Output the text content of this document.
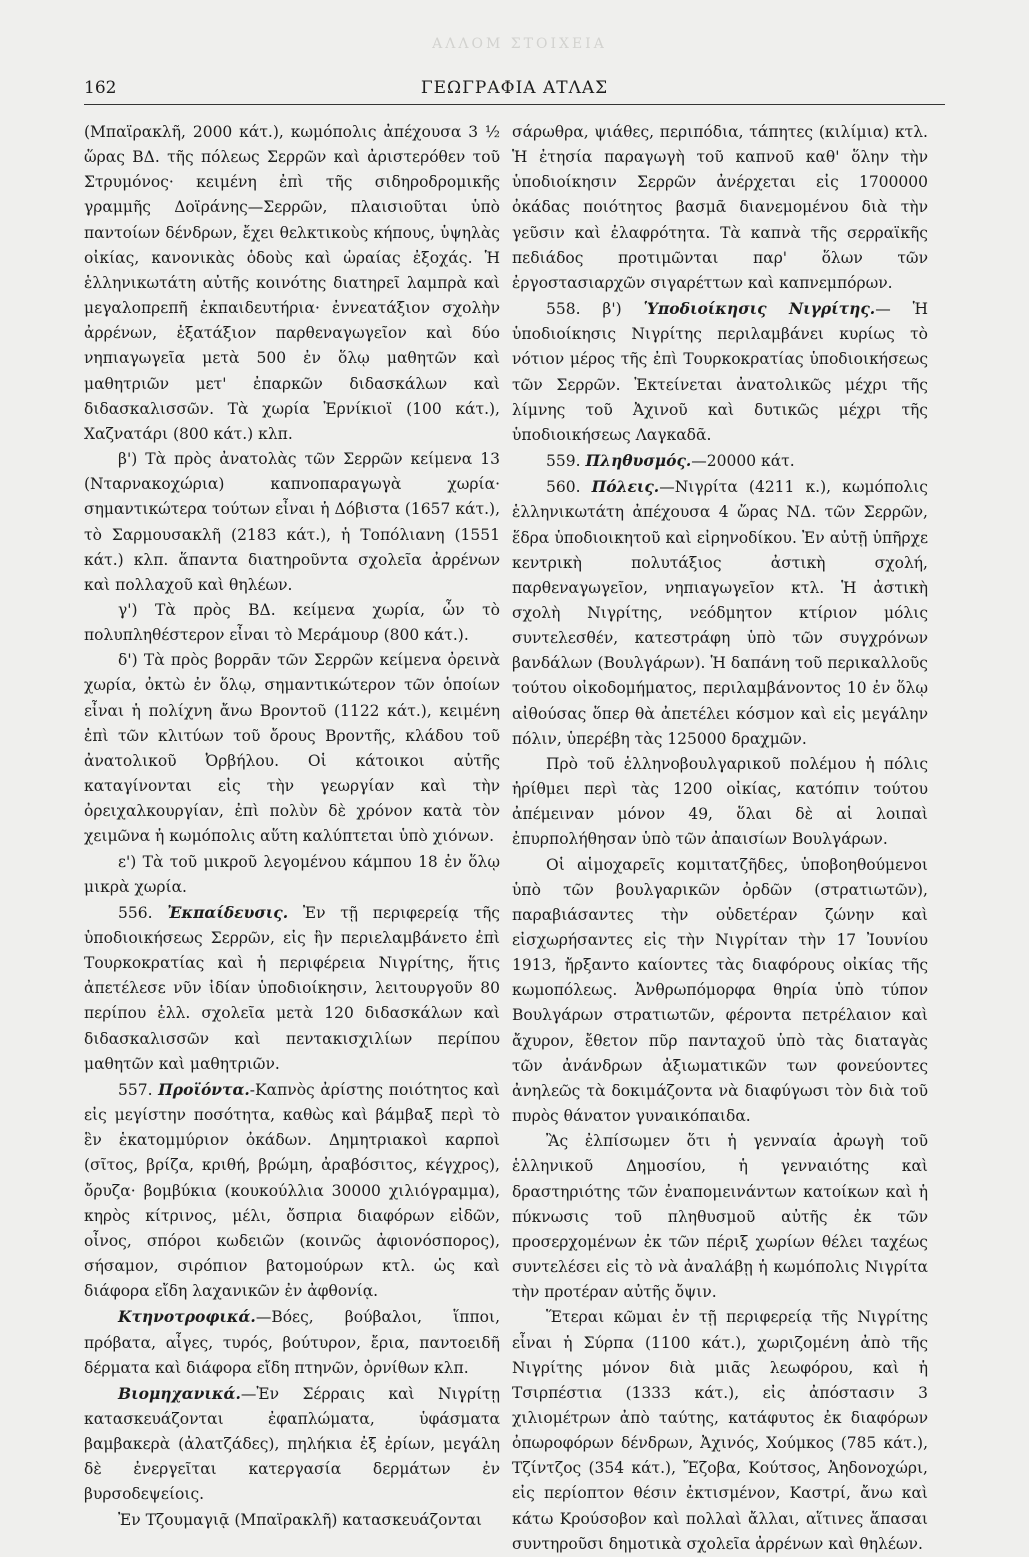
ΑΛΛΟΜ ΣΤΟΙΧΕΙΑ
162	ΓΕΩΓΡΑΦΙΑ ΑΤΛΑΣ

(Μπαϊρακλῆ, 2000 κάτ.), κωμόπολις ἀπέχουσα 3 ½ ὥρας ΒΔ. τῆς πόλεως Σερρῶν καὶ ἀριστερόθεν τοῦ Στρυμόνος· κειμένη ἐπὶ τῆς σιδηροδρομικῆς γραμμῆς Δοϊράνης—Σερρῶν, πλαισιοῦται ὑπὸ παντοίων δένδρων, ἔχει θελκτικοὺς κήπους, ὑψηλὰς οἰκίας, κανονικὰς ὁδοὺς καὶ ὡραίας ἐξοχάς. Ἡ ἑλληνικωτάτη αὐτῆς κοινότης διατηρεῖ λαμπρὰ καὶ μεγαλοπρεπῆ ἐκπαιδευτήρια· ἐννεατάξιον σχολὴν ἀρρένων, ἑξατάξιον παρθεναγωγεῖον καὶ δύο νηπιαγωγεῖα μετὰ 500 ἐν ὅλῳ μαθητῶν καὶ μαθητριῶν μετ' ἐπαρκῶν διδασκάλων καὶ διδασκαλισσῶν. Τὰ χωρία Ἐρνίκιοϊ (100 κάτ.), Χαζνατάρι (800 κάτ.) κλπ.

β') Τὰ πρὸς ἀνατολὰς τῶν Σερρῶν κείμενα 13 (Νταρνακοχώρια) καπνοπαραγωγὰ χωρία· σημαντικώτερα τούτων εἶναι ἡ Δόβιστα (1657 κάτ.), τὸ Σαρμουσακλῆ (2183 κάτ.), ἡ Τοπόλιανη (1551 κάτ.) κλπ. ἅπαντα διατηροῦντα σχολεῖα ἀρρένων καὶ πολλαχοῦ καὶ θηλέων.

γ') Τὰ πρὸς ΒΔ. κείμενα χωρία, ὧν τὸ πολυπληθέστερον εἶναι τὸ Μεράμουρ (800 κάτ.).

δ') Τὰ πρὸς βορρᾶν τῶν Σερρῶν κείμενα ὀρεινὰ χωρία, ὀκτὼ ἐν ὅλῳ, σημαντικώτερον τῶν ὁποίων εἶναι ἡ πολίχνη ἄνω Βροντοῦ (1122 κάτ.), κειμένη ἐπὶ τῶν κλιτύων τοῦ ὄρους Βροντῆς, κλάδου τοῦ ἀνατολικοῦ Ὀρβήλου. Οἱ κάτοικοι αὐτῆς καταγίνονται εἰς τὴν γεωργίαν καὶ τὴν ὀρειχαλκουργίαν, ἐπὶ πολὺν δὲ χρόνον κατὰ τὸν χειμῶνα ἡ κωμόπολις αὕτη καλύπτεται ὑπὸ χιόνων.

ε') Τὰ τοῦ μικροῦ λεγομένου κάμπου 18 ἐν ὅλῳ μικρὰ χωρία.

556. Ἐκπαίδευσις. Ἐν τῇ περιφερείᾳ τῆς ὑποδιοικήσεως Σερρῶν, εἰς ἣν περιελαμβάνετο ἐπὶ Τουρκοκρατίας καὶ ἡ περιφέρεια Νιγρίτης, ἥτις ἀπετέλεσε νῦν ἰδίαν ὑποδιοίκησιν, λειτουργοῦν 80 περίπου ἑλλ. σχολεῖα μετὰ 120 διδασκάλων καὶ διδασκαλισσῶν καὶ πεντακισχιλίων περίπου μαθητῶν καὶ μαθητριῶν.

557. Προϊόντα.-Καπνὸς ἀρίστης ποιότητος καὶ εἰς μεγίστην ποσότητα, καθὼς καὶ βάμβαξ περὶ τὸ ἓν ἑκατομμύριον ὀκάδων. Δημητριακοὶ καρποὶ (σῖτος, βρίζα, κριθή, βρώμη, ἀραβόσιτος, κέγχρος), ὄρυζα· βομβύκια (κουκούλλια 30000 χιλιόγραμμα), κηρὸς κίτρινος, μέλι, ὄσπρια διαφόρων εἰδῶν, οἶνος, σπόροι κωδειῶν (κοινῶς ἀφιονόσπορος), σήσαμον, σιρόπιον βατομούρων κτλ. ὡς καὶ διάφορα εἴδη λαχανικῶν ἐν ἀφθονίᾳ.

Κτηνοτροφικά.—Βόες, βούβαλοι, ἵπποι, πρόβατα, αἶγες, τυρός, βούτυρον, ἔρια, παντοειδῆ δέρματα καὶ διάφορα εἴδη πτηνῶν, ὀρνίθων κλπ.

Βιομηχανικά.—Ἐν Σέρραις καὶ Νιγρίτῃ κατασκευάζονται ἐφαπλώματα, ὑφάσματα βαμβακερὰ (ἀλατζάδες), πηλήκια ἐξ ἐρίων, μεγάλη δὲ ἐνεργεῖται κατεργασία δερμάτων ἐν βυρσοδεψείοις.

Ἐν Τζουμαγιᾷ (Μπαϊρακλῆ) κατασκευάζονται

σάρωθρα, ψιάθες, περιπόδια, τάπητες (κιλίμια) κτλ. Ἡ ἐτησία παραγωγὴ τοῦ καπνοῦ καθ' ὅλην τὴν ὑποδιοίκησιν Σερρῶν ἀνέρχεται εἰς 1700000 ὀκάδας ποιότητος βασμᾶ διανεμομένου διὰ τὴν γεῦσιν καὶ ἐλαφρότητα. Τὰ καπνὰ τῆς σερραϊκῆς πεδιάδος προτιμῶνται παρ' ὅλων τῶν ἐργοστασιαρχῶν σιγαρέττων καὶ καπνεμπόρων.

558. β') Ὑποδιοίκησις Νιγρίτης.— Ἡ ὑποδιοίκησις Νιγρίτης περιλαμβάνει κυρίως τὸ νότιον μέρος τῆς ἐπὶ Τουρκοκρατίας ὑποδιοικήσεως τῶν Σερρῶν. Ἐκτείνεται ἀνατολικῶς μέχρι τῆς λίμνης τοῦ Ἀχινοῦ καὶ δυτικῶς μέχρι τῆς ὑποδιοικήσεως Λαγκαδᾶ.

559. Πληθυσμός.—20000 κάτ.

560. Πόλεις.—Νιγρίτα (4211 κ.), κωμόπολις ἑλληνικωτάτη ἀπέχουσα 4 ὥρας ΝΔ. τῶν Σερρῶν, ἕδρα ὑποδιοικητοῦ καὶ εἰρηνοδίκου. Ἐν αὐτῇ ὑπῆρχε κεντρικὴ πολυτάξιος ἀστικὴ σχολή, παρθεναγωγεῖον, νηπιαγωγεῖον κτλ. Ἡ ἀστικὴ σχολὴ Νιγρίτης, νεόδμητον κτίριον μόλις συντελεσθέν, κατεστράφη ὑπὸ τῶν συγχρόνων βανδάλων (Βουλγάρων). Ἡ δαπάνη τοῦ περικαλλοῦς τούτου οἰκοδομήματος, περιλαμβάνοντος 10 ἐν ὅλῳ αἰθούσας ὅπερ θὰ ἀπετέλει κόσμον καὶ εἰς μεγάλην πόλιν, ὑπερέβη τὰς 125000 δραχμῶν.

Πρὸ τοῦ ἑλληνοβουλγαρικοῦ πολέμου ἡ πόλις ἠρίθμει περὶ τὰς 1200 οἰκίας, κατόπιν τούτου ἀπέμειναν μόνον 49, ὅλαι δὲ αἱ λοιπαὶ ἐπυρπολήθησαν ὑπὸ τῶν ἀπαισίων Βουλγάρων.

Οἱ αἱμοχαρεῖς κομιτατζῆδες, ὑποβοηθούμενοι ὑπὸ τῶν βουλγαρικῶν ὀρδῶν (στρατιωτῶν), παραβιάσαντες τὴν οὐδετέραν ζώνην καὶ εἰσχωρήσαντες εἰς τὴν Νιγρίταν τὴν 17 Ἰουνίου 1913, ἤρξαντο καίοντες τὰς διαφόρους οἰκίας τῆς κωμοπόλεως. Ἀνθρωπόμορφα θηρία ὑπὸ τύπον Βουλγάρων στρατιωτῶν, φέροντα πετρέλαιον καὶ ἄχυρον, ἔθετον πῦρ πανταχοῦ ὑπὸ τὰς διαταγὰς τῶν ἀνάνδρων ἀξιωματικῶν των φονεύοντες ἀνηλεῶς τὰ δοκιμάζοντα νὰ διαφύγωσι τὸν διὰ τοῦ πυρὸς θάνατον γυναικόπαιδα.

Ἂς ἐλπίσωμεν ὅτι ἡ γενναία ἀρωγὴ τοῦ ἑλληνικοῦ Δημοσίου, ἡ γενναιότης καὶ δραστηριότης τῶν ἐναπομεινάντων κατοίκων καὶ ἡ πύκνωσις τοῦ πληθυσμοῦ αὐτῆς ἐκ τῶν προσερχομένων ἐκ τῶν πέριξ χωρίων θέλει ταχέως συντελέσει εἰς τὸ νὰ ἀναλάβῃ ἡ κωμόπολις Νιγρίτα τὴν προτέραν αὐτῆς ὄψιν.

Ἕτεραι κῶμαι ἐν τῇ περιφερείᾳ τῆς Νιγρίτης εἶναι ἡ Σύρπα (1100 κάτ.), χωριζομένη ἀπὸ τῆς Νιγρίτης μόνον διὰ μιᾶς λεωφόρου, καὶ ἡ Τσιρπέστια (1333 κάτ.), εἰς ἀπόστασιν 3 χιλιομέτρων ἀπὸ ταύτης, κατάφυτος ἐκ διαφόρων ὀπωροφόρων δένδρων, Ἀχινός, Χούμκος (785 κάτ.), Τζίντζος (354 κάτ.), Ἔζοβα, Κούτσος, Ἀηδονοχώρι, εἰς περίοπτον θέσιν ἐκτισμένον, Καστρί, ἄνω καὶ κάτω Κρούσοβον καὶ πολλαὶ ἄλλαι, αἵτινες ἅπασαι συντηροῦσι δημοτικὰ σχολεῖα ἀρρένων καὶ θηλέων.
